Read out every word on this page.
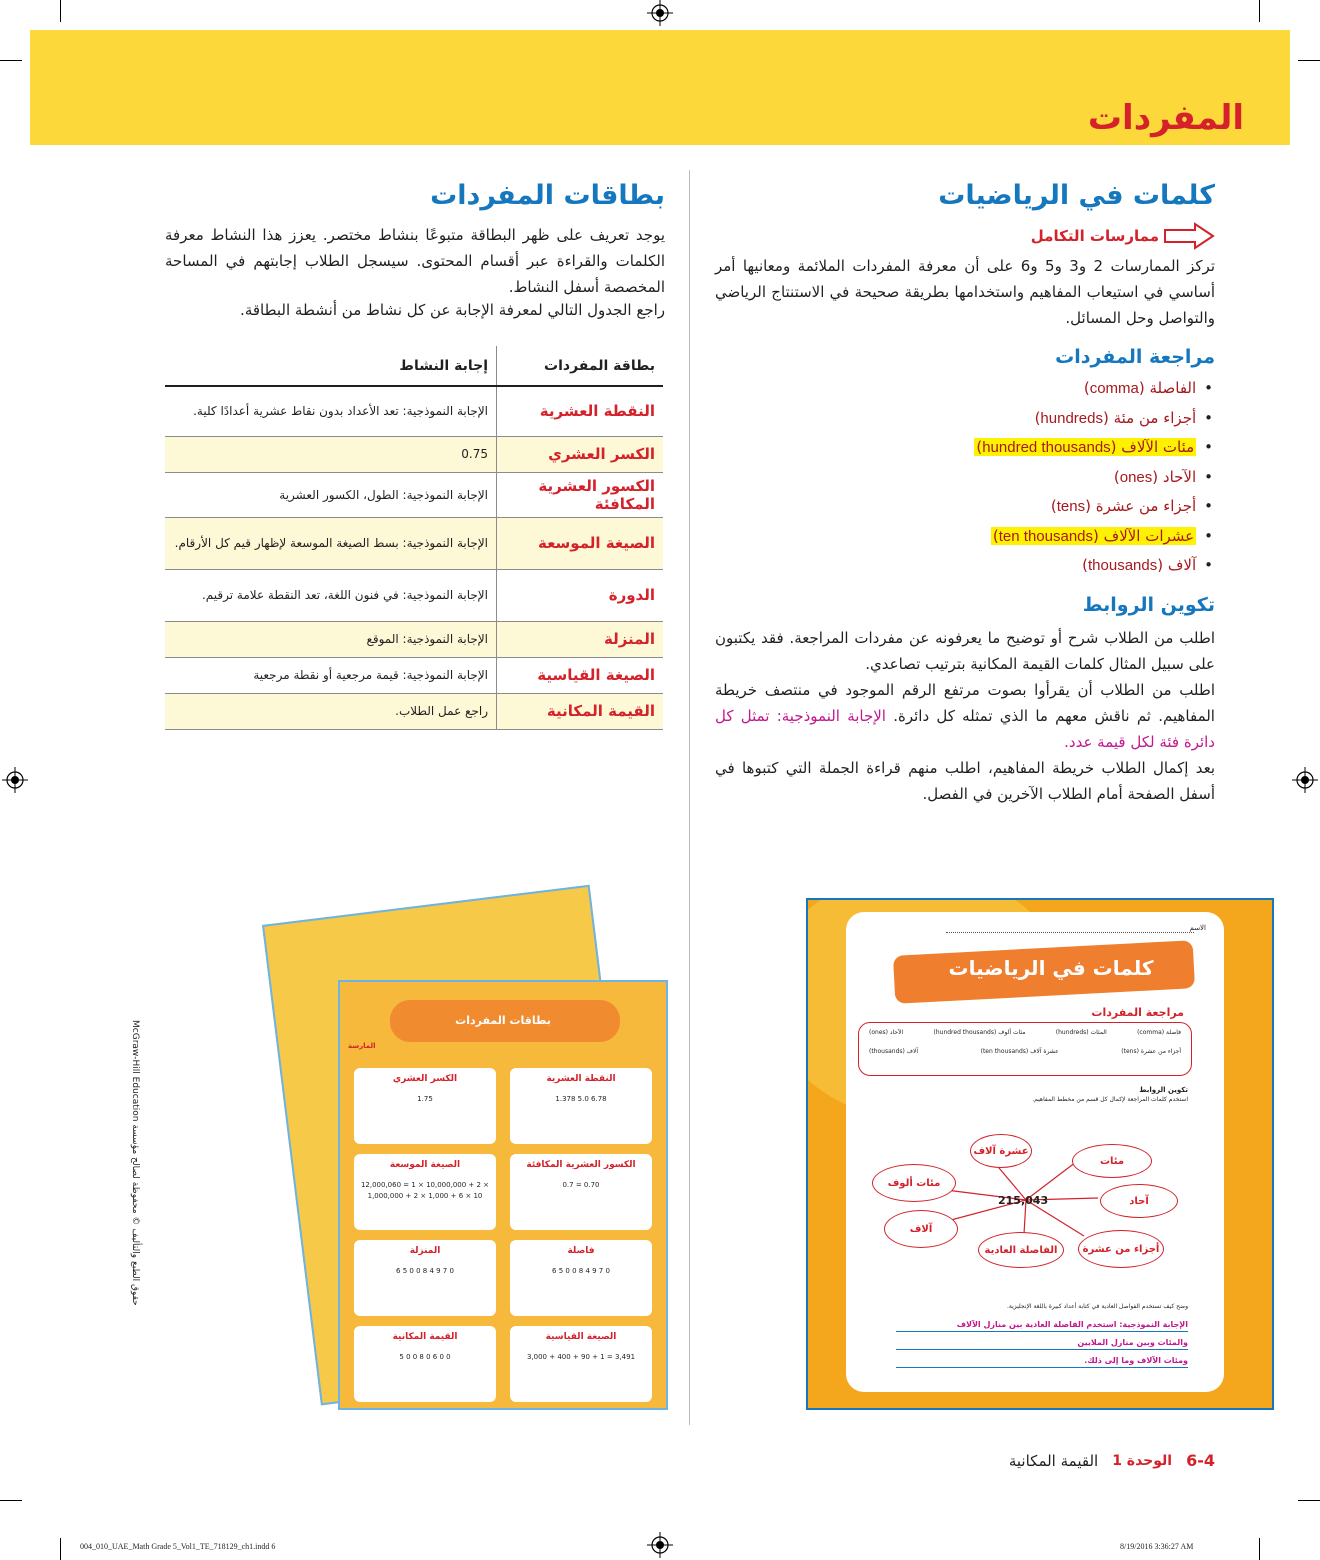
المفردات
كلمات في الرياضيات
ممارسات التكامل
تركز الممارسات 2 و3 و5 و6 على أن معرفة المفردات الملائمة ومعانيها أمر أساسي في استيعاب المفاهيم واستخدامها بطريقة صحيحة في الاستنتاج الرياضي والتواصل وحل المسائل.
مراجعة المفردات
•الفاصلة (comma)
•أجزاء من مئة (hundreds)
•مئات الآلاف (hundred thousands)
•الآحاد (ones)
•أجزاء من عشرة (tens)
•عشرات الآلاف (ten thousands)
•آلاف (thousands)
تكوين الروابط
اطلب من الطلاب شرح أو توضيح ما يعرفونه عن مفردات المراجعة. فقد يكتبون على سبيل المثال كلمات القيمة المكانية بترتيب تصاعدي.
اطلب من الطلاب أن يقرأوا بصوت مرتفع الرقم الموجود في منتصف خريطة المفاهيم. ثم ناقش معهم ما الذي تمثله كل دائرة. الإجابة النموذجية: تمثل كل دائرة فئة لكل قيمة عدد.
بعد إكمال الطلاب خريطة المفاهيم، اطلب منهم قراءة الجملة التي كتبوها في أسفل الصفحة أمام الطلاب الآخرين في الفصل.
بطاقات المفردات
يوجد تعريف على ظهر البطاقة متبوعًا بنشاط مختصر. يعزز هذا النشاط معرفة الكلمات والقراءة عبر أقسام المحتوى. سيسجل الطلاب إجابتهم في المساحة المخصصة أسفل النشاط.
راجع الجدول التالي لمعرفة الإجابة عن كل نشاط من أنشطة البطاقة.
بطاقة المفردات	إجابة النشاط
النقطة العشرية	الإجابة النموذجية: تعد الأعداد بدون نقاط عشرية أعدادًا كلية.
الكسر العشري	0.75
الكسور العشرية المكافئة	الإجابة النموذجية: الطول، الكسور العشرية
الصيغة الموسعة	الإجابة النموذجية: بسط الصيغة الموسعة لإظهار قيم كل الأرقام.
الدورة	الإجابة النموذجية: في فنون اللغة، تعد النقطة علامة ترقيم.
المنزلة	الإجابة النموذجية: الموقع
الصيغة القياسية	الإجابة النموذجية: قيمة مرجعية أو نقطة مرجعية
القيمة المكانية	راجع عمل الطلاب.
بطاقات المفردات
المارسة
النقطة العشرية
1.378 5.0 6.78
الكسر العشري
1.75
الكسور العشرية المكافئة
0.7 = 0.70
الصيغة الموسعة
12,000,060 = 1 × 10,000,000 + 2 × 1,000,000 + 2 × 1,000 + 6 × 10
فاصلة
6 5 0 0 8 4 9 7 0
المنزلة
6 5 0 0 8 4 9 7 0
الصيغة القياسية
3,000 + 400 + 90 + 1 = 3,491
القيمة المكانية
5 0 0 8 0 6 0 0
McGraw-Hill Education حقوق الطبع والتأليف © محفوظة لصالح مؤسسة
الاسم
كلمات في الرياضيات
مراجعة المفردات
فاصلة (comma)
المئات (hundreds)
مئات ألوف (hundred thousands)
الآحاد (ones)
أجزاء من عشرة (tens)
عشرة آلاف (ten thousands)
آلاف (thousands)
تكوين الروابط
استخدم كلمات المراجعة لإكمال كل قسم من مخطط المفاهيم.
215,043
عشرة آلاف
مئات
مئات ألوف
آحاد
آلاف
أجزاء من عشرة
الفاصلة العادية
وضح كيف تستخدم الفواصل العادية في كتابة أعداد كبيرة باللغة الإنجليزية.
الإجابة النموذجية: استخدم الفاصلة العادية بين منازل الآلاف
والمئات وبين منازل الملايين
ومئات الآلاف وما إلى ذلك.
6-4
الوحدة 1
القيمة المكانية
004_010_UAE_Math Grade 5_Vol1_TE_718129_ch1.indd 6	8/19/2016 3:36:27 AM
